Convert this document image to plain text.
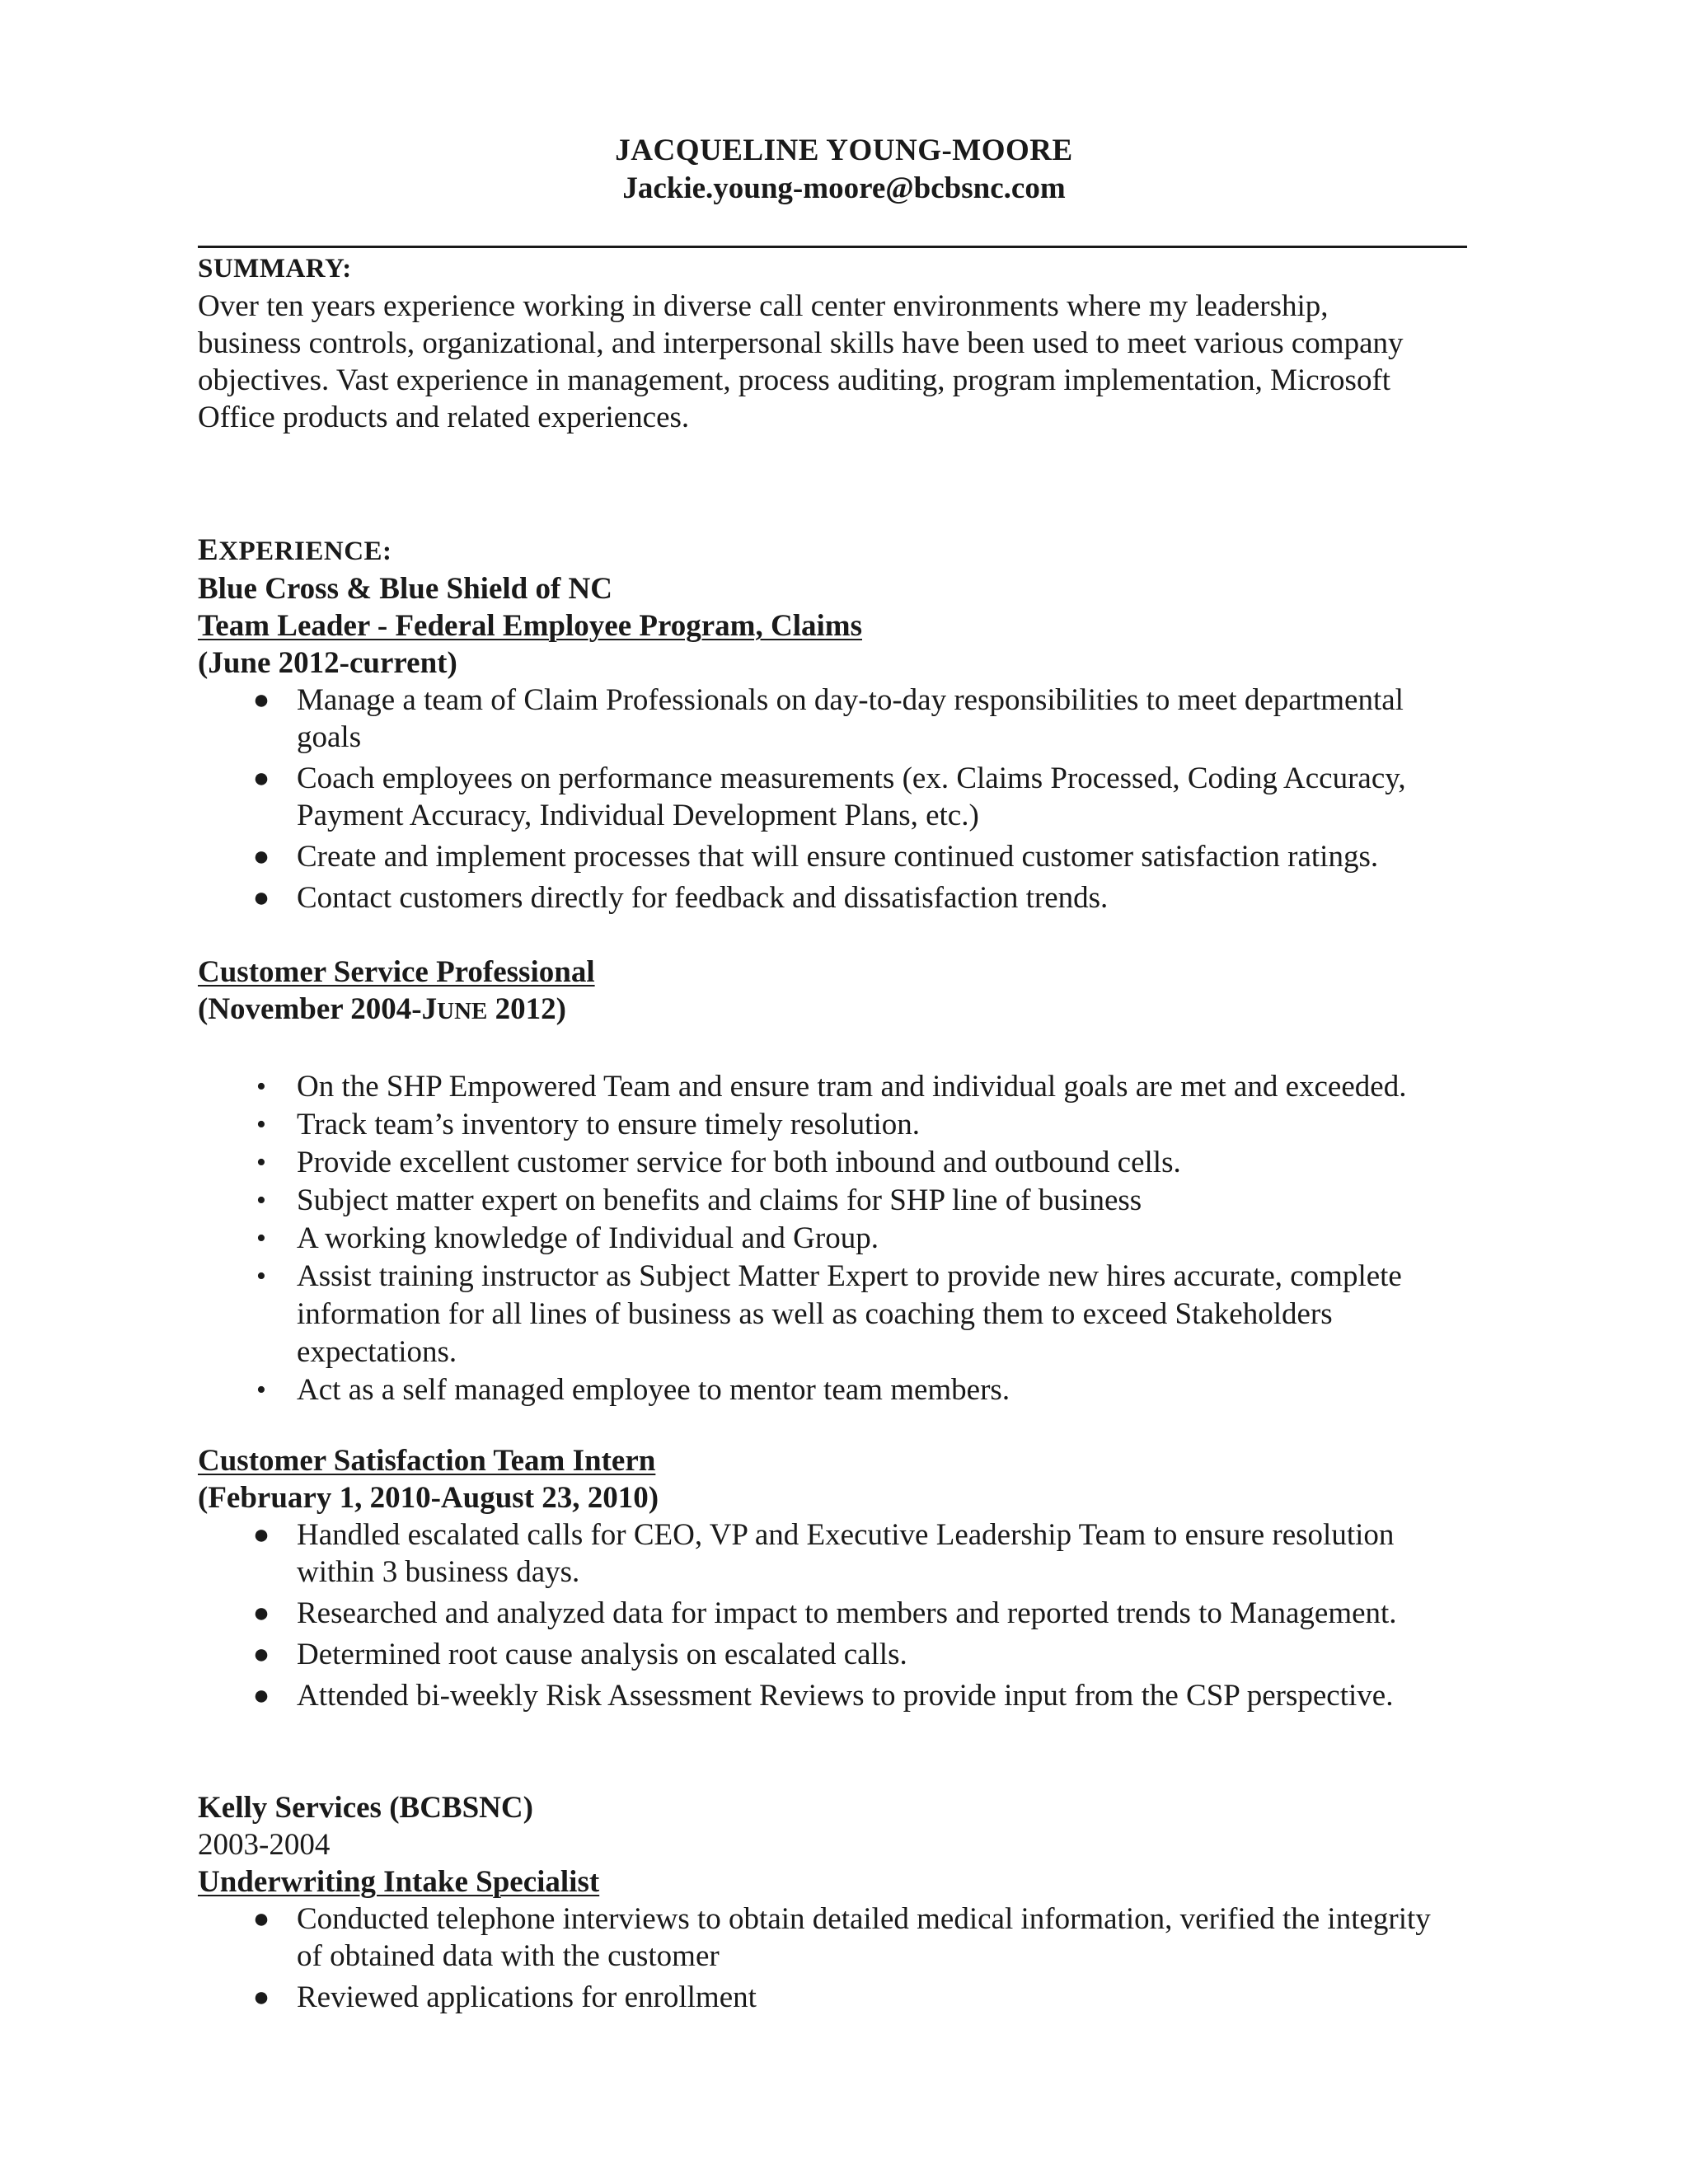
JACQUELINE YOUNG-MOORE
Jackie.young-moore@bcbsnc.com
SUMMARY:
Over ten years experience working in diverse call center environments where my leadership,
business controls, organizational, and interpersonal skills have been used to meet various company
objectives. Vast experience in management, process auditing, program implementation, Microsoft
Office products and related experiences.
EXPERIENCE:
Blue Cross & Blue Shield of NC
Team Leader - Federal Employee Program, Claims
(June 2012-current)
● Manage a team of Claim Professionals on day-to-day responsibilities to meet departmental
goals
● Coach employees on performance measurements (ex. Claims Processed, Coding Accuracy,
Payment Accuracy, Individual Development Plans, etc.)
● Create and implement processes that will ensure continued customer satisfaction ratings.
● Contact customers directly for feedback and dissatisfaction trends.
Customer Service Professional
(November 2004-JUNE 2012)
• On the SHP Empowered Team and ensure tram and individual goals are met and exceeded.
• Track team’s inventory to ensure timely resolution.
• Provide excellent customer service for both inbound and outbound cells.
• Subject matter expert on benefits and claims for SHP line of business
• A working knowledge of Individual and Group.
• Assist training instructor as Subject Matter Expert to provide new hires accurate, complete
information for all lines of business as well as coaching them to exceed Stakeholders
expectations.
• Act as a self managed employee to mentor team members.
Customer Satisfaction Team Intern
(February 1, 2010-August 23, 2010)
● Handled escalated calls for CEO, VP and Executive Leadership Team to ensure resolution
within 3 business days.
● Researched and analyzed data for impact to members and reported trends to Management.
● Determined root cause analysis on escalated calls.
● Attended bi-weekly Risk Assessment Reviews to provide input from the CSP perspective.
Kelly Services (BCBSNC)
2003-2004
Underwriting Intake Specialist
● Conducted telephone interviews to obtain detailed medical information, verified the integrity
of obtained data with the customer
● Reviewed applications for enrollment
